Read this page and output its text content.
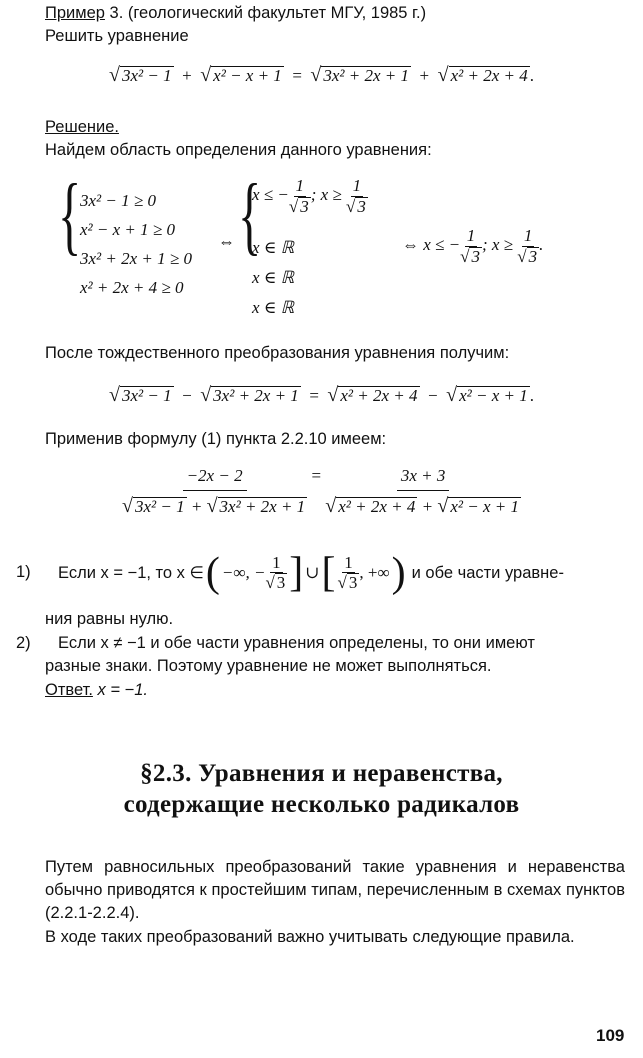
Пример 3. (геологический факультет МГУ, 1985 г.)
Решить уравнение
√ 3x² − 1 + √ x² − x + 1 = √ 3x² + 2x + 1 + √ x² + 2x + 4 .
Решение.
Найдем область определения данного уравнения:
{
3x² − 1 ≥ 0
x² − x + 1 ≥ 0
3x² + 2x + 1 ≥ 0
x² + 2x + 4 ≥ 0
⇔ {
x ≤ − $\frac{1}{√ 3}$ ; $x \ge \frac{1}{√ 3}$
x ∈ ℝ
x ∈ ℝ
x ∈ ℝ
⇔ x ≤ − $\frac{1}{√ 3}$ ; $x \ge \frac{1}{√ 3}$ .
После тождественного преобразования уравнения получим:
√ 3x² − 1 − √ 3x² + 2x + 1 = √ x² + 2x + 4 − √ x² − x + 1 .
Применив формулу (1) пункта 2.2.10 имеем:
$\frac{-2x - 2}{\text{√ 3x² − 1 + √ 3x² + 2x + 1}}$
=
$\frac{3x + 3}{\text{√ x² + 2x + 4 + √ x² − x + 1}}$
1) Если x = −1, то x ∈ ( −∞, − $\frac{1}{√ 3}$ ] ∪ [ $\frac{1}{√ 3}$ , +∞ ) и обе части уравне-
ния равны нулю.
2) Если x ≠ −1 и обе части уравнения определены, то они имеют
разные знаки. Поэтому уравнение не может выполняться.
Ответ. x = −1.
§2.3. Уравнения и неравенства,
содержащие несколько радикалов
Путем равносильных преобразований такие уравнения и неравенства обычно приводятся к простейшим типам, перечисленным в схемах пунктов (2.2.1-2.2.4).
В ходе таких преобразований важно учитывать следующие правила.
109
